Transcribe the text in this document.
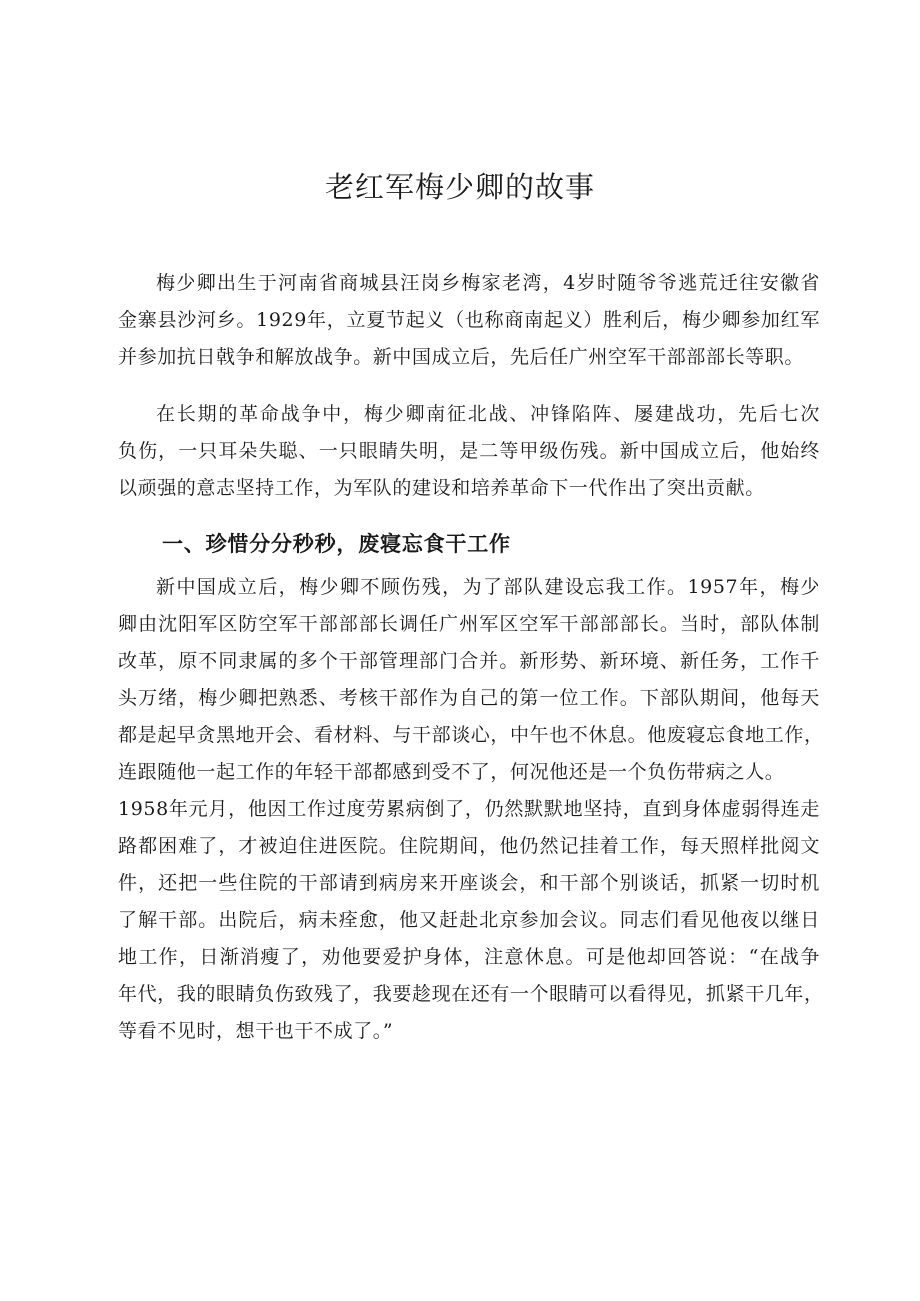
老红军梅少卿的故事

梅少卿出生于河南省商城县汪岗乡梅家老湾，4岁时随爷爷逃荒迁往安徽省
金寨县沙河乡。1929年，立夏节起义（也称商南起义）胜利后，梅少卿参加红军
并参加抗日戟争和解放战争。新中国成立后，先后任广州空军干部部部长等职。

在长期的革命战争中，梅少卿南征北战、冲锋陷阵、屡建战功，先后七次
负伤，一只耳朵失聪、一只眼睛失明，是二等甲级伤残。新中国成立后，他始终
以顽强的意志坚持工作，为军队的建设和培养革命下一代作出了突出贡献。

一、珍惜分分秒秒，废寝忘食干工作

新中国成立后，梅少卿不顾伤残，为了部队建设忘我工作。1957年，梅少
卿由沈阳军区防空军干部部部长调任广州军区空军干部部部长。当时，部队体制
改革，原不同隶属的多个干部管理部门合并。新形势、新环境、新任务，工作千
头万绪，梅少卿把熟悉、考核干部作为自己的第一位工作。下部队期间，他每天
都是起早贪黑地开会、看材料、与干部谈心，中午也不休息。他废寝忘食地工作，
连跟随他一起工作的年轻干部都感到受不了，何况他还是一个负伤带病之人。
1958年元月，他因工作过度劳累病倒了，仍然默默地坚持，直到身体虚弱得连走
路都困难了，才被迫住进医院。住院期间，他仍然记挂着工作，每天照样批阅文
件，还把一些住院的干部请到病房来开座谈会，和干部个别谈话，抓紧一切时机
了解干部。出院后，病未痊愈，他又赶赴北京参加会议。同志们看见他夜以继日
地工作，日渐消瘦了，劝他要爱护身体，注意休息。可是他却回答说：“在战争
年代，我的眼睛负伤致残了，我要趁现在还有一个眼睛可以看得见，抓紧干几年，
等看不见时，想干也干不成了。”
